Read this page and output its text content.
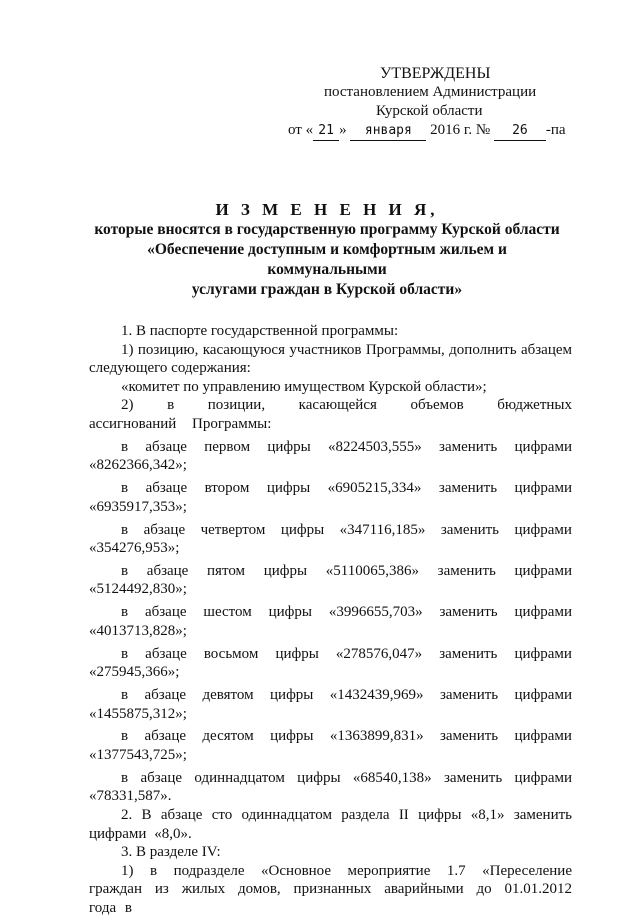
УТВЕРЖДЕНЫ
постановлением Администрации
Курской области
от « 21 » января 2016 г. № 26 -па
И З М Е Н Е Н И Я,
которые вносятся в государственную программу Курской области
«Обеспечение доступным и комфортным жильем и коммунальными
услугами граждан в Курской области»

1. В паспорте государственной программы:

1) позицию, касающуюся участников Программы, дополнить абзацем следующего содержания:

«комитет по управлению имуществом Курской области»;

2) в позиции, касающейся объемов бюджетных ассигнований Программы:

в абзаце первом цифры «8224503,555» заменить цифрами

«8262366,342»;

в абзаце втором цифры «6905215,334» заменить цифрами

«6935917,353»;

в абзаце четвертом цифры «347116,185» заменить цифрами

«354276,953»;

в абзаце пятом цифры «5110065,386» заменить цифрами

«5124492,830»;

в абзаце шестом цифры «3996655,703» заменить цифрами

«4013713,828»;

в абзаце восьмом цифры «278576,047» заменить цифрами

«275945,366»;

в абзаце девятом цифры «1432439,969» заменить цифрами

«1455875,312»;

в абзаце десятом цифры «1363899,831» заменить цифрами

«1377543,725»;

в абзаце одиннадцатом цифры «68540,138» заменить цифрами

«78331,587».

2. В абзаце сто одиннадцатом раздела II цифры «8,1» заменить цифрами «8,0».

3. В разделе IV:

1) в подразделе «Основное мероприятие 1.7 «Переселение граждан из жилых домов, признанных аварийными до 01.01.2012 года в
